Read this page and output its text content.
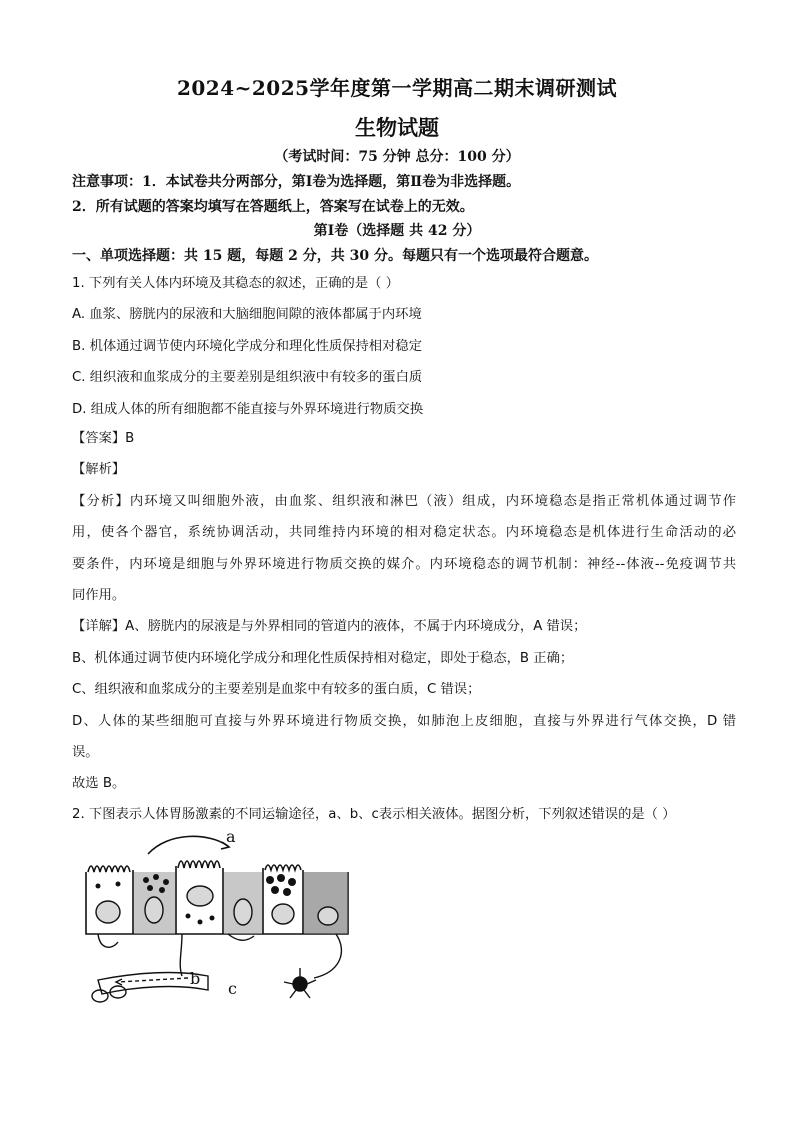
2024~2025学年度第一学期高二期末调研测试
生物试题
（考试时间：75 分钟 总分：100 分）
注意事项：1．本试卷共分两部分，第Ⅰ卷为选择题，第Ⅱ卷为非选择题。
2．所有试题的答案均填写在答题纸上，答案写在试卷上的无效。
第Ⅰ卷（选择题 共 42 分）
一、单项选择题：共 15 题，每题 2 分，共 30 分。每题只有一个选项最符合题意。
1. 下列有关人体内环境及其稳态的叙述，正确的是（ ）
A. 血浆、膀胱内的尿液和大脑细胞间隙的液体都属于内环境
B. 机体通过调节使内环境化学成分和理化性质保持相对稳定
C. 组织液和血浆成分的主要差别是组织液中有较多的蛋白质
D. 组成人体的所有细胞都不能直接与外界环境进行物质交换
【答案】B
【解析】
【分析】内环境又叫细胞外液，由血浆、组织液和淋巴（液）组成，内环境稳态是指正常机体通过调节作
用，使各个器官，系统协调活动，共同维持内环境的相对稳定状态。内环境稳态是机体进行生命活动的必
要条件，内环境是细胞与外界环境进行物质交换的媒介。内环境稳态的调节机制：神经--体液--免疫调节共
同作用。
【详解】A、膀胱内的尿液是与外界相同的管道内的液体，不属于内环境成分，A 错误；
B、机体通过调节使内环境化学成分和理化性质保持相对稳定，即处于稳态，B 正确；
C、组织液和血浆成分的主要差别是血浆中有较多的蛋白质，C 错误；
D、人体的某些细胞可直接与外界环境进行物质交换，如肺泡上皮细胞，直接与外界进行气体交换，D 错
误。
故选 B。
2. 下图表示人体胃肠激素的不同运输途径，a、b、c表示相关液体。据图分析，下列叙述错误的是（ ）
a
b
c
